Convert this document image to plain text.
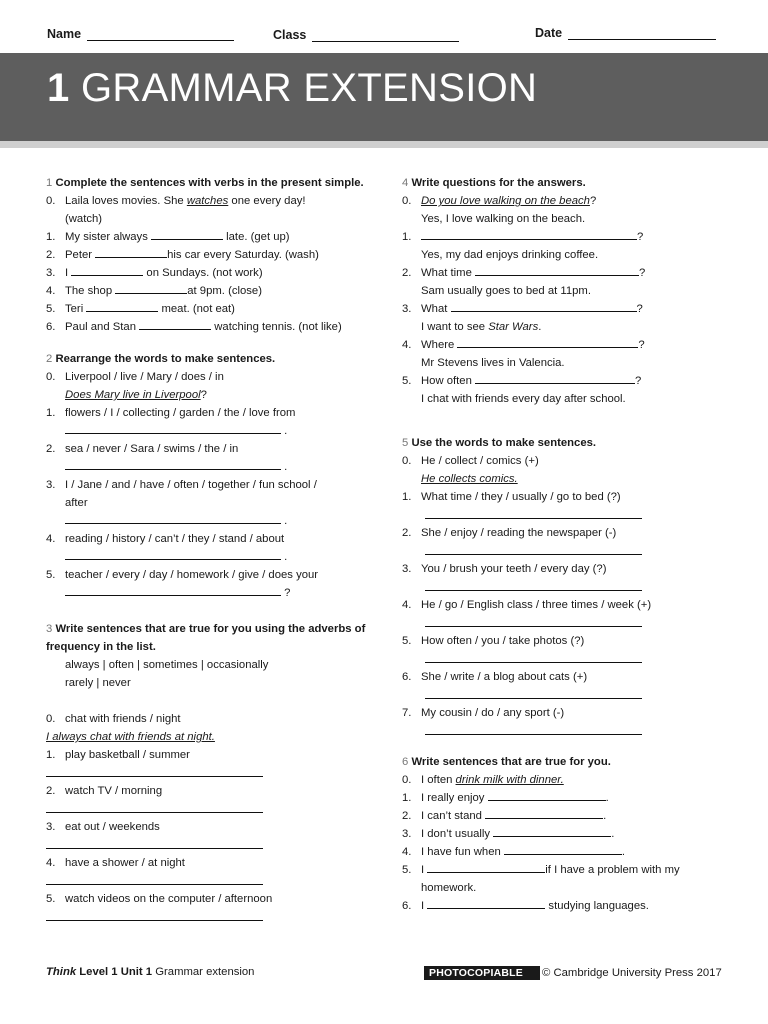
Name	Class	Date
1 GRAMMAR EXTENSION
1 Complete the sentences with verbs in the present simple.
0. Laila loves movies. She watches one every day!
(watch)
1. My sister always	late. (get up)
2. Peter	his car every Saturday. (wash)
3. I	on Sundays. (not work)
4. The shop	at 9pm. (close)
5. Teri	meat. (not eat)
6. Paul and Stan	watching tennis. (not like)
2 Rearrange the words to make sentences.
0. Liverpool / live / Mary / does / in
Does Mary live in Liverpool?
1. flowers / I / collecting / garden / the / love from
.
2. sea / never / Sara / swims / the / in
.
3. I / Jane / and / have / often / together / fun school /
after
.
4. reading / history / can’t / they / stand / about
.
5. teacher / every / day / homework / give / does your
?
3 Write sentences that are true for you using the adverbs of frequency in the list.
always | often | sometimes | occasionally
rarely | never
0. chat with friends / night
I always chat with friends at night.
1. play basketball / summer
2. watch TV / morning
3. eat out / weekends
4. have a shower / at night
5. watch videos on the computer / afternoon
4 Write questions for the answers.
0. Do you love walking on the beach?
Yes, I love walking on the beach.
1.	?
Yes, my dad enjoys drinking coffee.
2. What time	?
Sam usually goes to bed at 11pm.
3. What	?
I want to see Star Wars.
4. Where	?
Mr Stevens lives in Valencia.
5. How often	?
I chat with friends every day after school.
5 Use the words to make sentences.
0. He / collect / comics (+)
He collects comics.
1. What time / they / usually / go to bed (?)
2. She / enjoy / reading the newspaper (-)
3. You / brush your teeth / every day (?)
4. He / go / English class / three times / week (+)
5. How often / you / take photos (?)
6. She / write / a blog about cats (+)
7. My cousin / do / any sport (-)
6 Write sentences that are true for you.
0. I often drink milk with dinner.
1. I really enjoy	.
2. I can’t stand	.
3. I don’t usually	.
4. I have fun when	.
5. I	if I have a problem with my
homework.
6. I	studying languages.
Think Level 1 Unit 1 Grammar extension	PHOTOCOPIABLE	© Cambridge University Press 2017
